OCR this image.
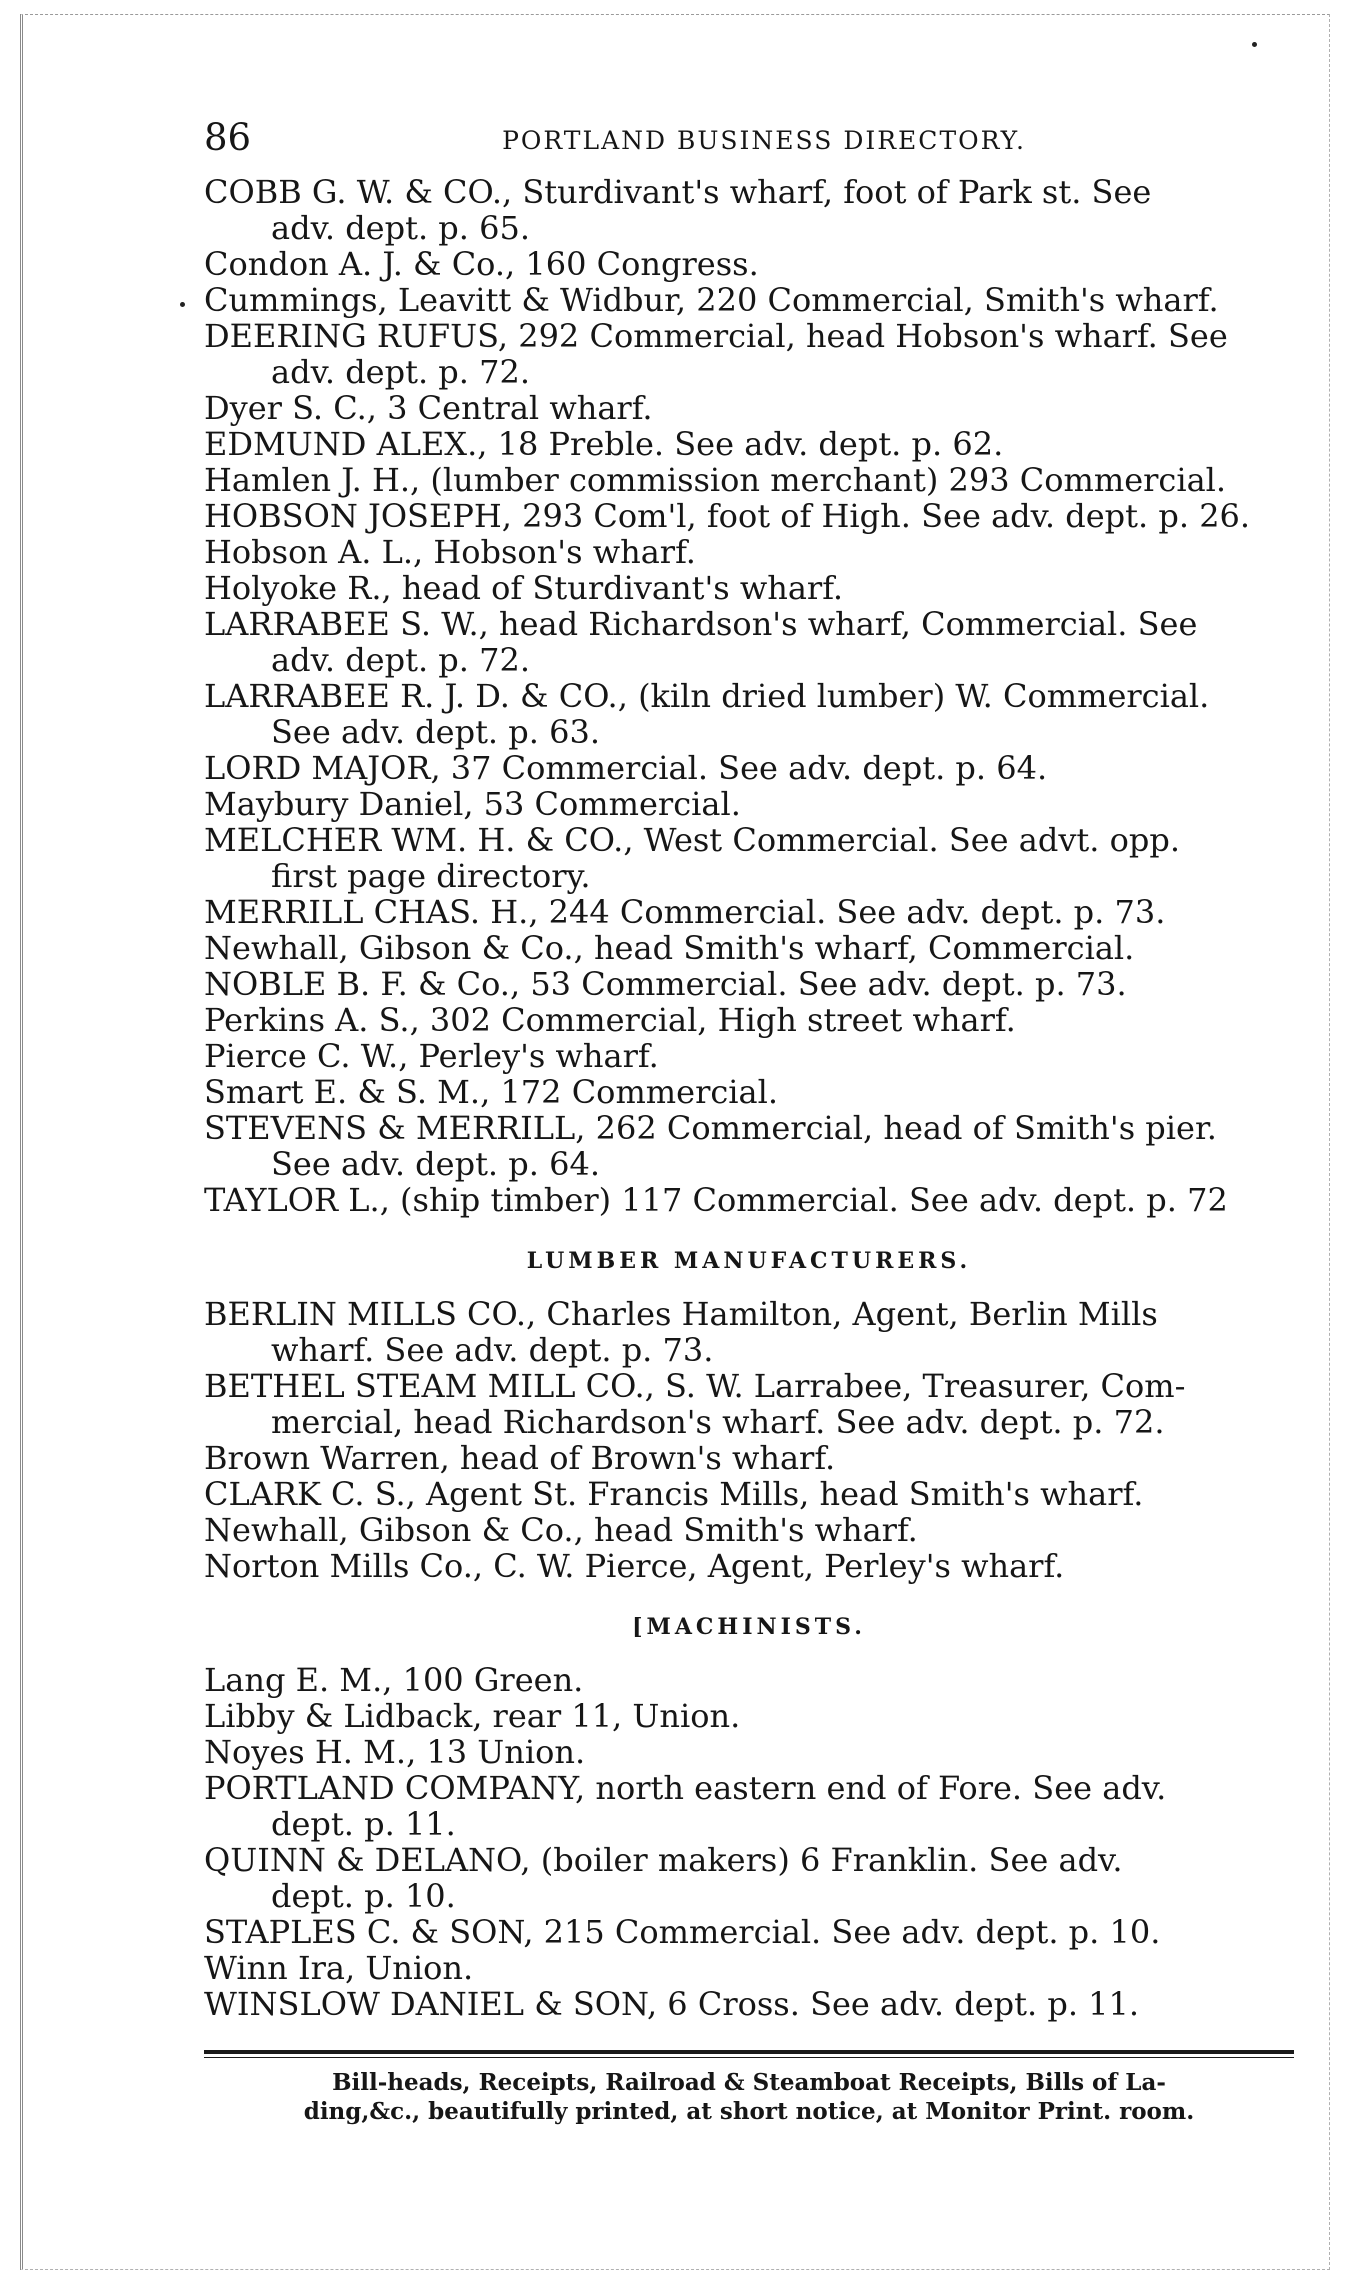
86	PORTLAND BUSINESS DIRECTORY.
COBB G. W. & CO., Sturdivant's wharf, foot of Park st. See
adv. dept. p. 65.
Condon A. J. & Co., 160 Congress.
Cummings, Leavitt & Widbur, 220 Commercial, Smith's wharf.
DEERING RUFUS, 292 Commercial, head Hobson's wharf. See
adv. dept. p. 72.
Dyer S. C., 3 Central wharf.
EDMUND ALEX., 18 Preble. See adv. dept. p. 62.
Hamlen J. H., (lumber commission merchant) 293 Commercial.
HOBSON JOSEPH, 293 Com'l, foot of High. See adv. dept. p. 26.
Hobson A. L., Hobson's wharf.
Holyoke R., head of Sturdivant's wharf.
LARRABEE S. W., head Richardson's wharf, Commercial. See
adv. dept. p. 72.
LARRABEE R. J. D. & CO., (kiln dried lumber) W. Commercial.
See adv. dept. p. 63.
LORD MAJOR, 37 Commercial. See adv. dept. p. 64.
Maybury Daniel, 53 Commercial.
MELCHER WM. H. & CO., West Commercial. See advt. opp.
first page directory.
MERRILL CHAS. H., 244 Commercial. See adv. dept. p. 73.
Newhall, Gibson & Co., head Smith's wharf, Commercial.
NOBLE B. F. & Co., 53 Commercial. See adv. dept. p. 73.
Perkins A. S., 302 Commercial, High street wharf.
Pierce C. W., Perley's wharf.
Smart E. & S. M., 172 Commercial.
STEVENS & MERRILL, 262 Commercial, head of Smith's pier.
See adv. dept. p. 64.
TAYLOR L., (ship timber) 117 Commercial. See adv. dept. p. 72
LUMBER MANUFACTURERS.
BERLIN MILLS CO., Charles Hamilton, Agent, Berlin Mills
wharf. See adv. dept. p. 73.
BETHEL STEAM MILL CO., S. W. Larrabee, Treasurer, Com-
mercial, head Richardson's wharf. See adv. dept. p. 72.
Brown Warren, head of Brown's wharf.
CLARK C. S., Agent St. Francis Mills, head Smith's wharf.
Newhall, Gibson & Co., head Smith's wharf.
Norton Mills Co., C. W. Pierce, Agent, Perley's wharf.
[MACHINISTS.
Lang E. M., 100 Green.
Libby & Lidback, rear 11, Union.
Noyes H. M., 13 Union.
PORTLAND COMPANY, north eastern end of Fore. See adv.
dept. p. 11.
QUINN & DELANO, (boiler makers) 6 Franklin. See adv.
dept. p. 10.
STAPLES C. & SON, 215 Commercial. See adv. dept. p. 10.
Winn Ira, Union.
WINSLOW DANIEL & SON, 6 Cross. See adv. dept. p. 11.
Bill-heads, Receipts, Railroad & Steamboat Receipts, Bills of La-
ding,&c., beautifully printed, at short notice, at Monitor Print. room.
